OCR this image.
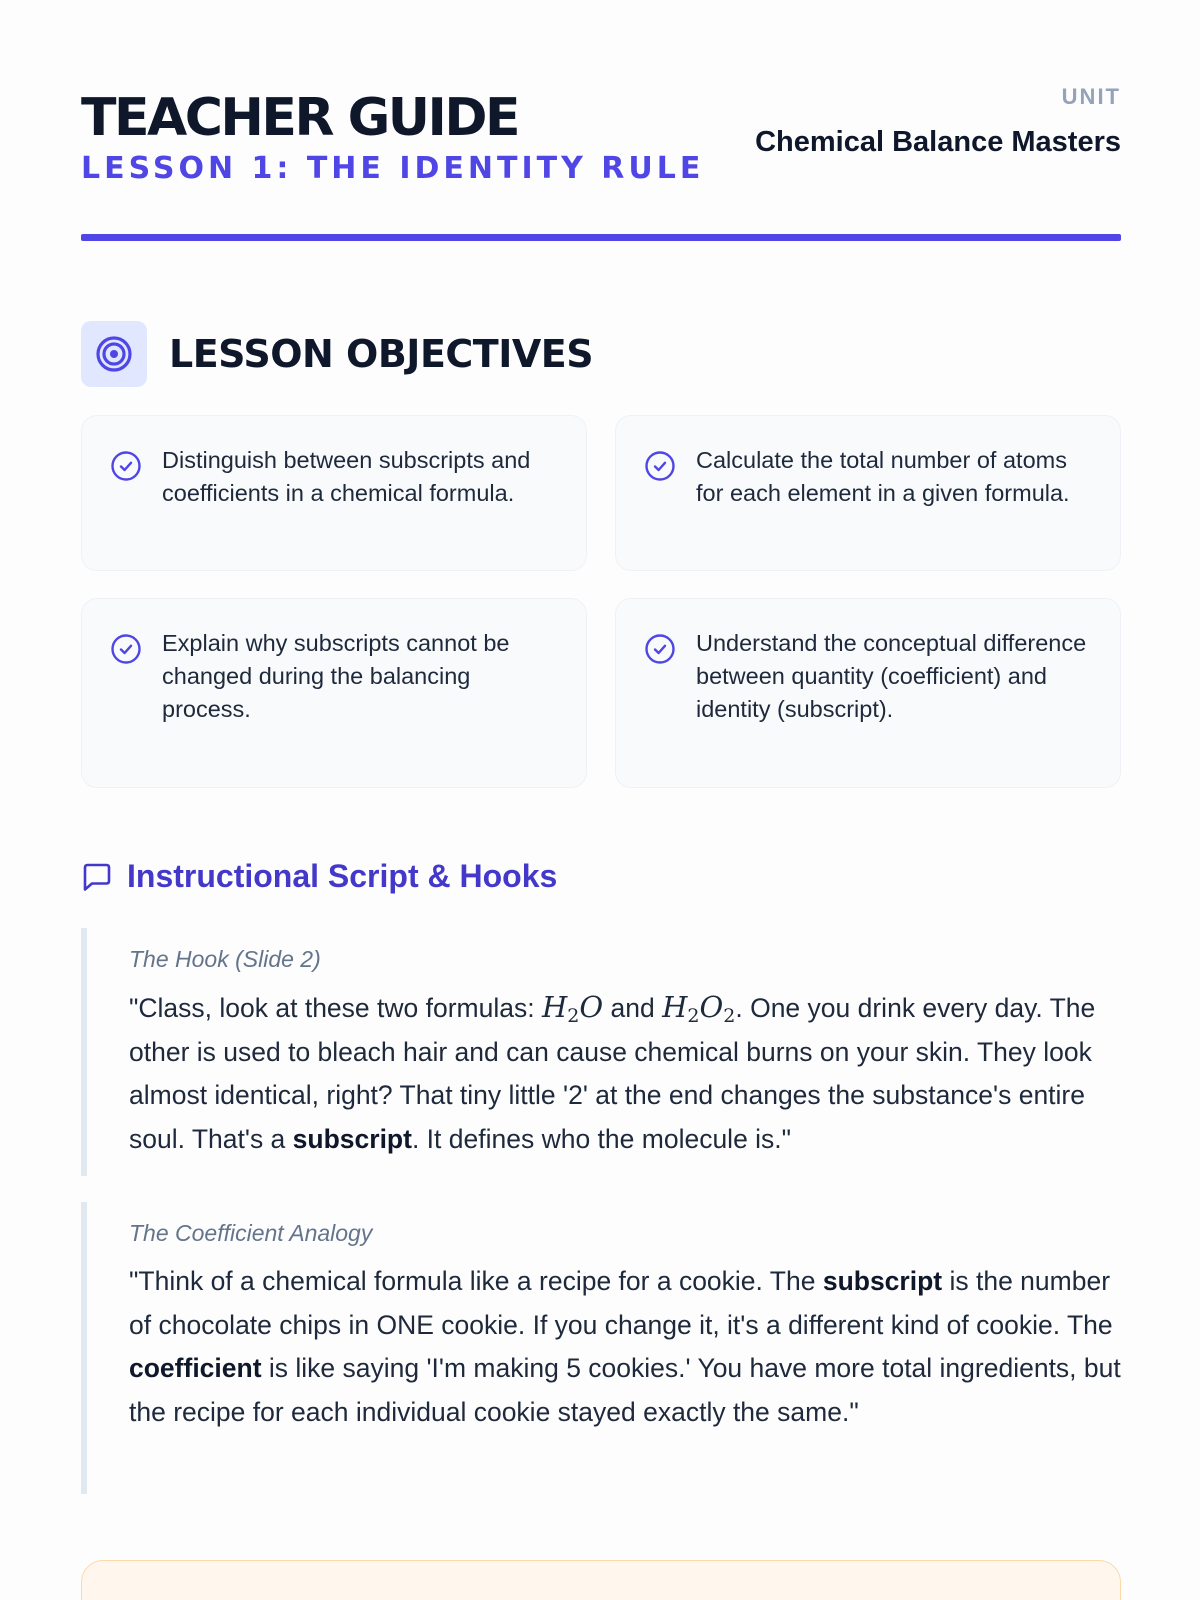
TEACHER GUIDE
LESSON 1: THE IDENTITY RULE
UNIT
Chemical Balance Masters
LESSON OBJECTIVES
Distinguish between subscripts and coefficients in a chemical formula.
Calculate the total number of atoms for each element in a given formula.
Explain why subscripts cannot be changed during the balancing process.
Understand the conceptual difference between quantity (coefficient) and identity (subscript).
Instructional Script & Hooks
The Hook (Slide 2)

"Class, look at these two formulas: $H_2O$ and $H_2O_2$. One you drink every day. The other is used to bleach hair and can cause chemical burns on your skin. They look almost identical, right? That tiny little '2' at the end changes the substance's entire soul. That's a subscript. It defines who the molecule is."

The Coefficient Analogy

"Think of a chemical formula like a recipe for a cookie. The subscript is the number of chocolate chips in ONE cookie. If you change it, it's a different kind of cookie. The coefficient is like saying 'I'm making 5 cookies.' You have more total ingredients, but the recipe for each individual cookie stayed exactly the same."
